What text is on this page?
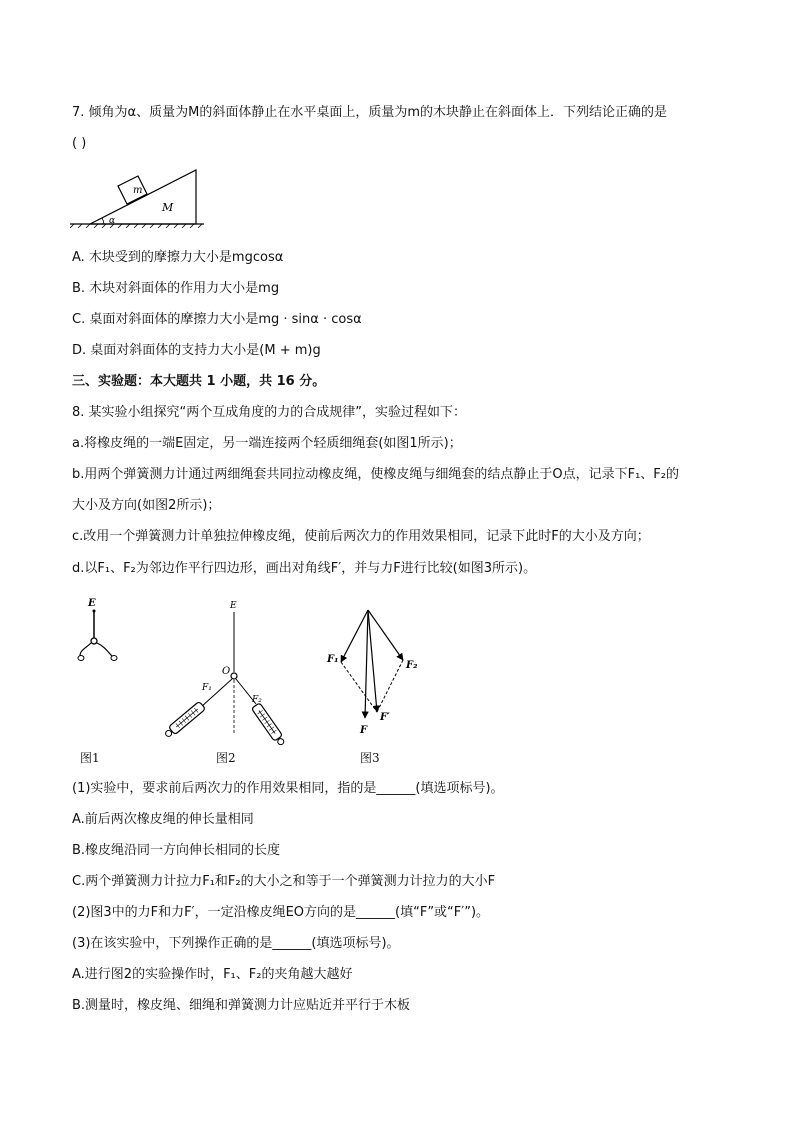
7. 倾角为α、质量为M的斜面体静止在水平桌面上，质量为m的木块静止在斜面体上．下列结论正确的是
( )
m
M
α
A. 木块受到的摩擦力大小是mgcosα
B. 木块对斜面体的作用力大小是mg
C. 桌面对斜面体的摩擦力大小是mg · sinα · cosα
D. 桌面对斜面体的支持力大小是(M + m)g
三、实验题：本大题共 1 小题，共 16 分。
8. 某实验小组探究“两个互成角度的力的合成规律”，实验过程如下：
a.将橡皮绳的一端E固定，另一端连接两个轻质细绳套(如图1所示)；
b.用两个弹簧测力计通过两细绳套共同拉动橡皮绳，使橡皮绳与细绳套的结点静止于O点，记录下F₁、F₂的
大小及方向(如图2所示)；
c.改用一个弹簧测力计单独拉伸橡皮绳，使前后两次力的作用效果相同，记录下此时F的大小及方向；
d.以F₁、F₂为邻边作平行四边形，画出对角线F′，并与力F进行比较(如图3所示)。
E	E
O
F₁
F₂
F₁
F₂
F
F′
图1	图2	图3
(1)实验中，要求前后两次力的作用效果相同，指的是______(填选项标号)。
A.前后两次橡皮绳的伸长量相同
B.橡皮绳沿同一方向伸长相同的长度
C.两个弹簧测力计拉力F₁和F₂的大小之和等于一个弹簧测力计拉力的大小F
(2)图3中的力F和力F′，一定沿橡皮绳EO方向的是______(填“F”或“F′”)。
(3)在该实验中，下列操作正确的是______(填选项标号)。
A.进行图2的实验操作时，F₁、F₂的夹角越大越好
B.测量时，橡皮绳、细绳和弹簧测力计应贴近并平行于木板
